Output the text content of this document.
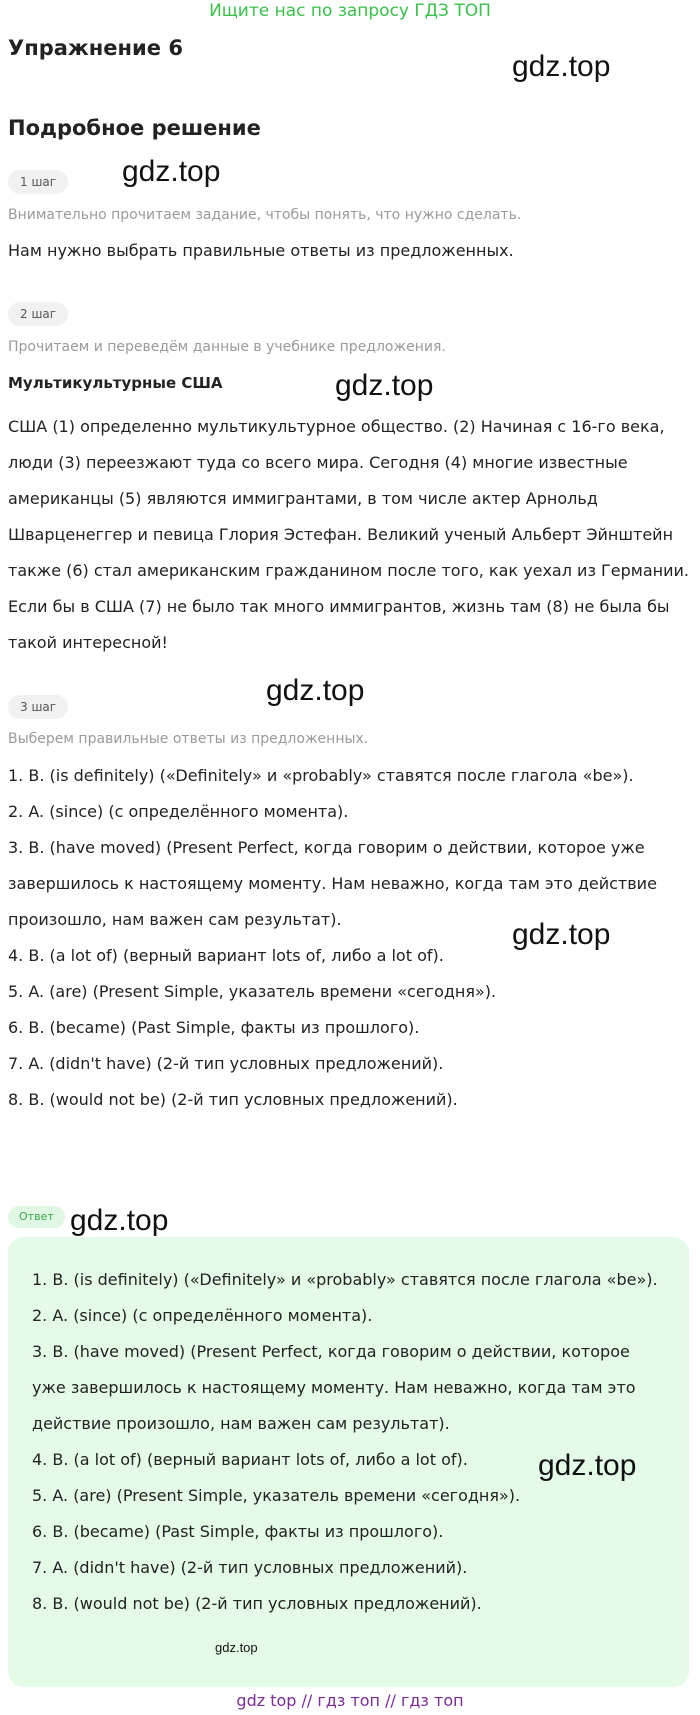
Ищите нас по запросу ГДЗ ТОП
Упражнение 6
gdz.top
Подробное решение
1 шаг	gdz.top
Внимательно прочитаем задание, чтобы понять, что нужно сделать.
Нам нужно выбрать правильные ответы из предложенных.
2 шаг
Прочитаем и переведём данные в учебнике предложения.
Мультикультурные США	gdz.top
США (1) определенно мультикультурное общество. (2) Начиная с 16-го века,
люди (3) переезжают туда со всего мира. Сегодня (4) многие известные
американцы (5) являются иммигрантами, в том числе актер Арнольд
Шварценеггер и певица Глория Эстефан. Великий ученый Альберт Эйнштейн
также (6) стал американским гражданином после того, как уехал из Германии.
Если бы в США (7) не было так много иммигрантов, жизнь там (8) не была бы
такой интересной!
3 шаг	gdz.top
Выберем правильные ответы из предложенных.
1. B. (is definitely) («Definitely» и «probably» ставятся после глагола «be»).
2. A. (since) (с определённого момента).
3. B. (have moved) (Present Perfect, когда говорим о действии, которое уже
завершилось к настоящему моменту. Нам неважно, когда там это действие
произошло, нам важен сам результат).
4. B. (a lot of) (верный вариант lots of, либо a lot of).
5. A. (are) (Present Simple, указатель времени «сегодня»).
6. B. (became) (Past Simple, факты из прошлого).
7. A. (didn't have) (2-й тип условных предложений).
8. B. (would not be) (2-й тип условных предложений).
gdz.top
Ответ gdz.top
1. B. (is definitely) («Definitely» и «probably» ставятся после глагола «be»).
2. A. (since) (с определённого момента).
3. B. (have moved) (Present Perfect, когда говорим о действии, которое
уже завершилось к настоящему моменту. Нам неважно, когда там это
действие произошло, нам важен сам результат).
4. B. (a lot of) (верный вариант lots of, либо a lot of).
5. A. (are) (Present Simple, указатель времени «сегодня»).
6. B. (became) (Past Simple, факты из прошлого).
7. A. (didn't have) (2-й тип условных предложений).
8. B. (would not be) (2-й тип условных предложений).
gdz.top
gdz.top
gdz top // гдз топ // гдз топ
